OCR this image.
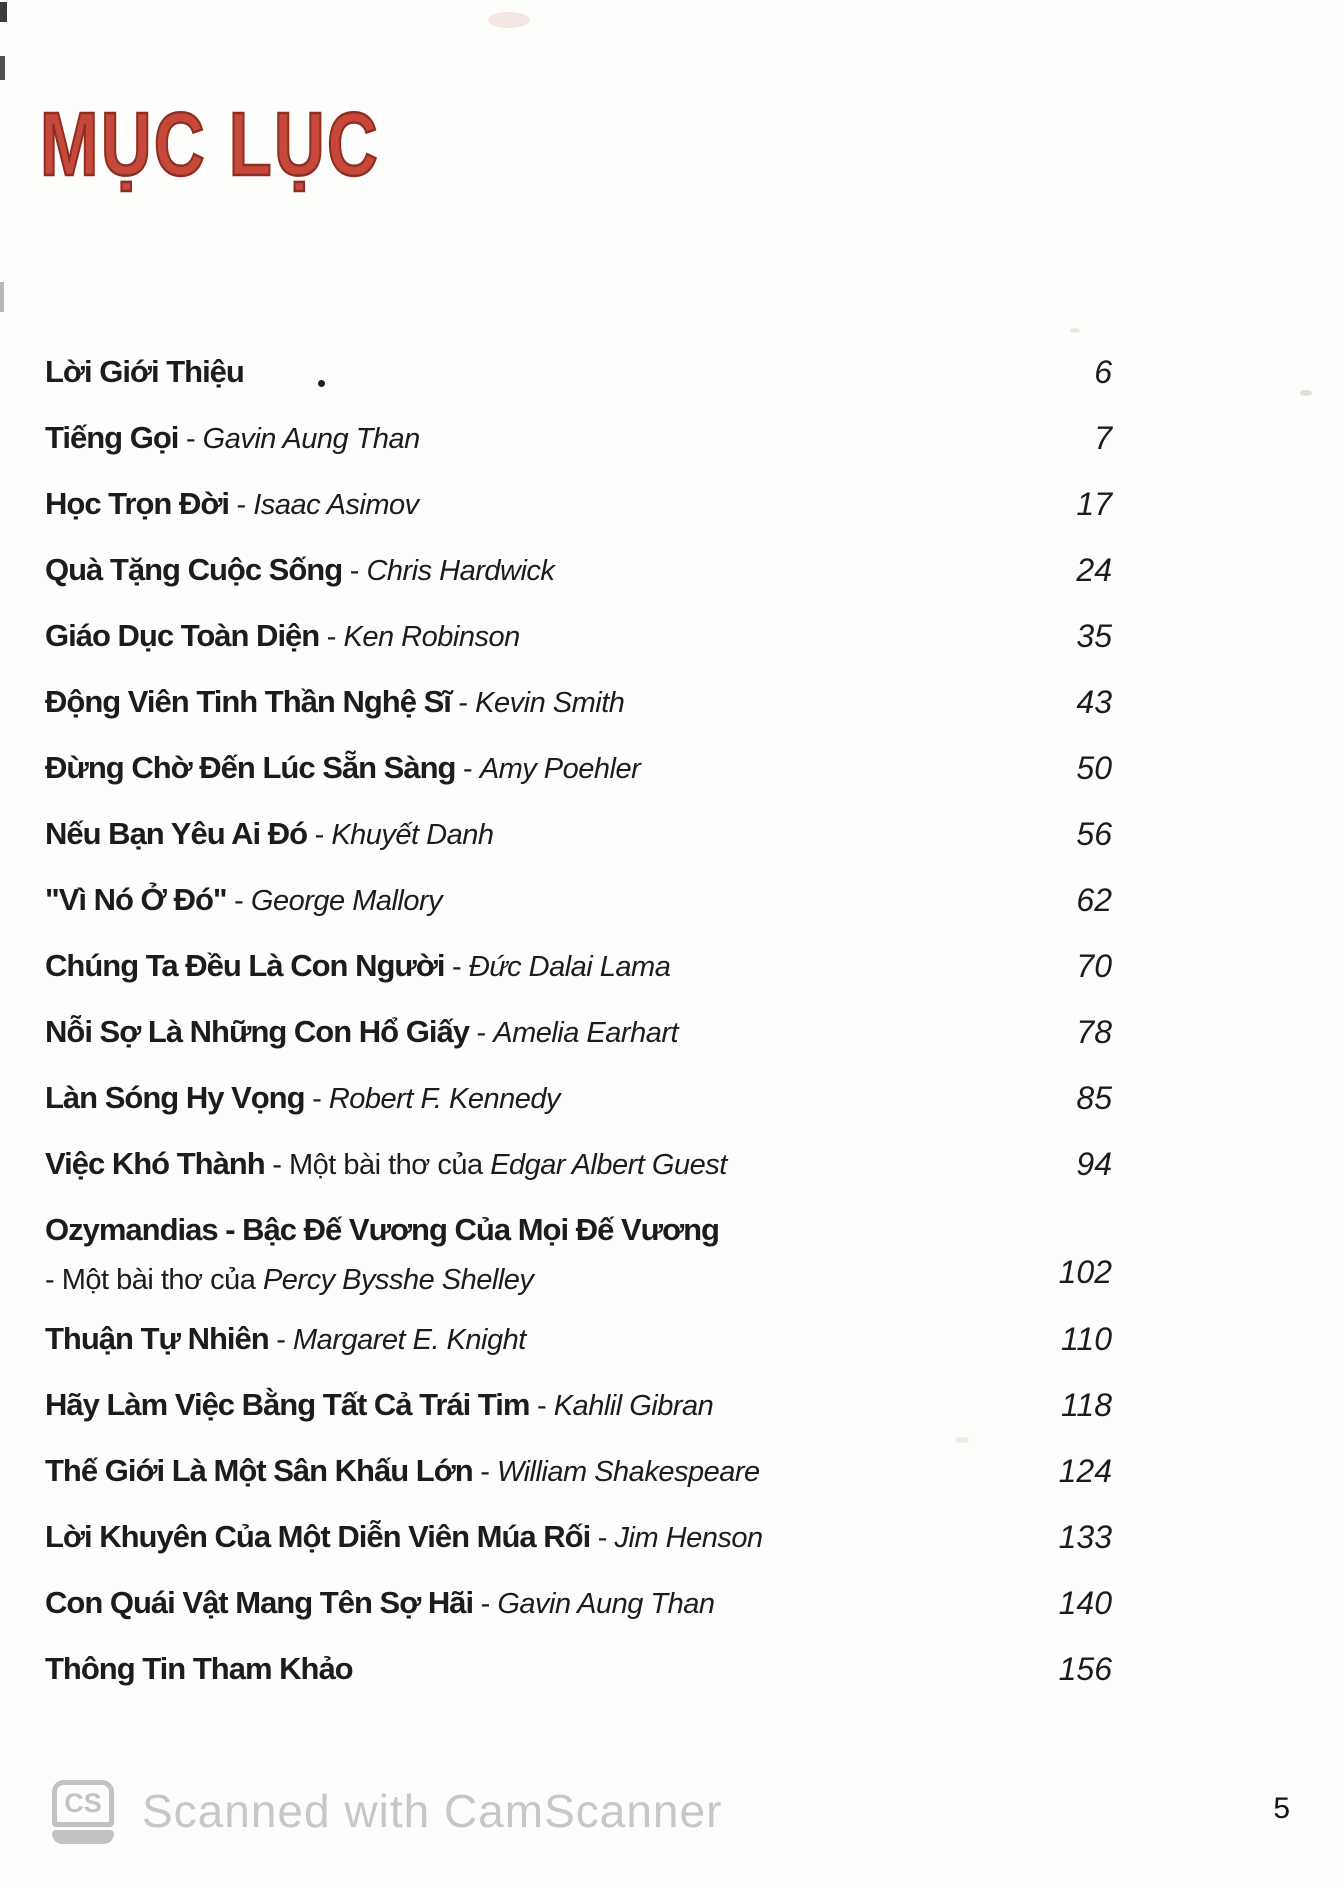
MỤC LỤC
Lời Giới Thiệu	6
Tiếng Gọi - Gavin Aung Than	7
Học Trọn Đời - Isaac Asimov	17
Quà Tặng Cuộc Sống - Chris Hardwick	24
Giáo Dục Toàn Diện - Ken Robinson	35
Động Viên Tinh Thần Nghệ Sĩ - Kevin Smith	43
Đừng Chờ Đến Lúc Sẵn Sàng - Amy Poehler	50
Nếu Bạn Yêu Ai Đó - Khuyết Danh	56
"Vì Nó Ở Đó" - George Mallory	62
Chúng Ta Đều Là Con Người - Đức Dalai Lama	70
Nỗi Sợ Là Những Con Hổ Giấy - Amelia Earhart	78
Làn Sóng Hy Vọng - Robert F. Kennedy	85
Việc Khó Thành - Một bài thơ của Edgar Albert Guest	94
Ozymandias - Bậc Đế Vương Của Mọi Đế Vương
- Một bài thơ của Percy Bysshe Shelley	102
Thuận Tự Nhiên - Margaret E. Knight	110
Hãy Làm Việc Bằng Tất Cả Trái Tim - Kahlil Gibran	118
Thế Giới Là Một Sân Khấu Lớn - William Shakespeare	124
Lời Khuyên Của Một Diễn Viên Múa Rối - Jim Henson	133
Con Quái Vật Mang Tên Sợ Hãi - Gavin Aung Than	140
Thông Tin Tham Khảo	156
CS Scanned with CamScanner	5
